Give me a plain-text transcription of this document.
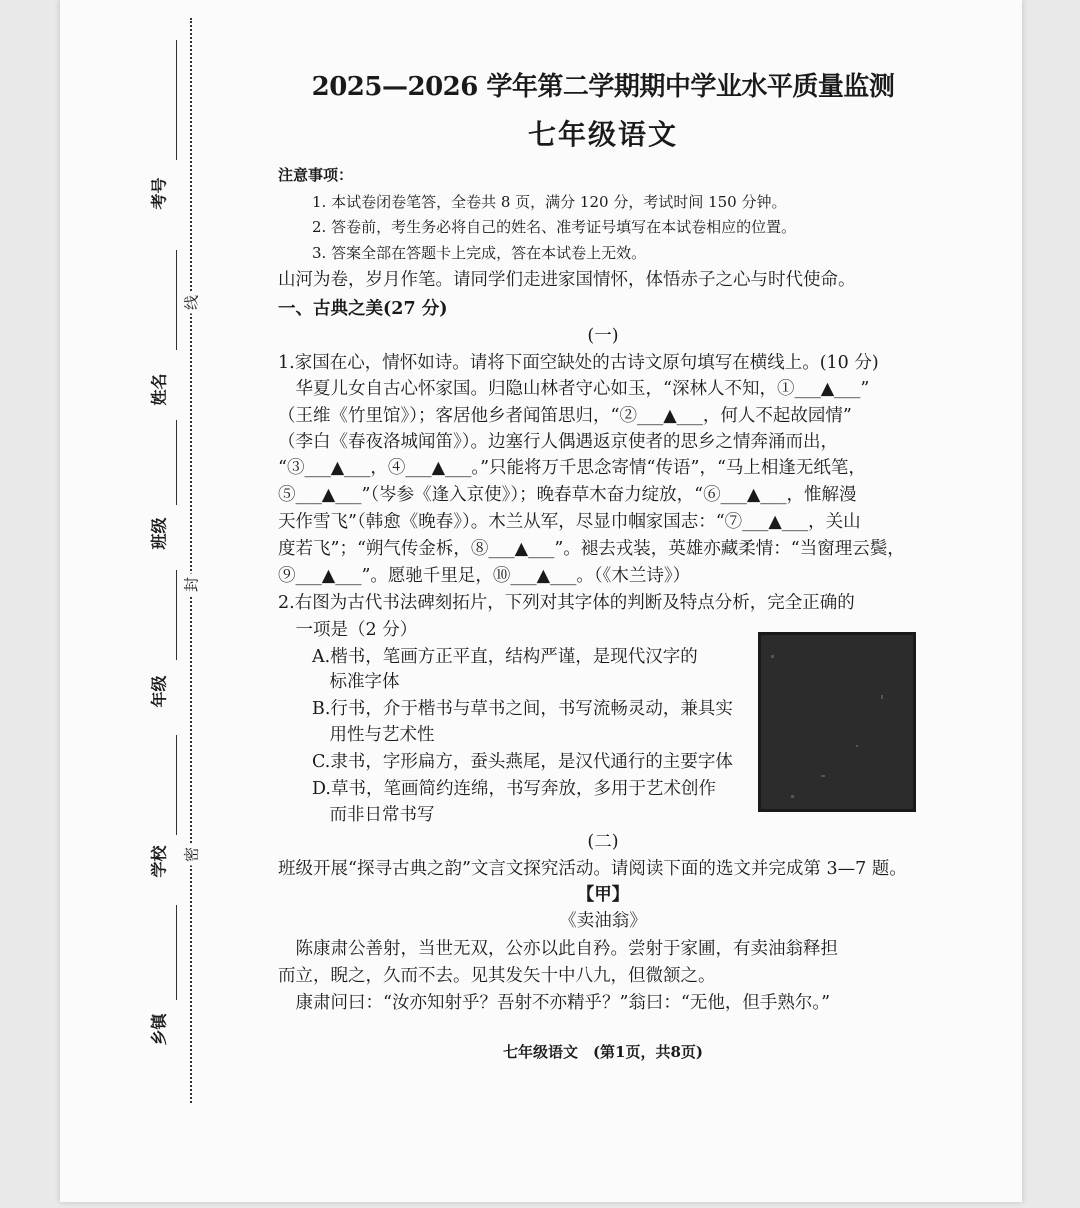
考号
姓名
班级
年级
学校
乡镇
线
封
密
2025—2026 学年第二学期期中学业水平质量监测
七年级语文
注意事项：
1. 本试卷闭卷笔答，全卷共 8 页，满分 120 分，考试时间 150 分钟。
2. 答卷前，考生务必将自己的姓名、准考证号填写在本试卷相应的位置。
3. 答案全部在答题卡上完成，答在本试卷上无效。
山河为卷，岁月作笔。请同学们走进家国情怀，体悟赤子之心与时代使命。
一、古典之美(27 分)
(一)
1.家国在心，情怀如诗。请将下面空缺处的古诗文原句填写在横线上。(10 分)
　华夏儿女自古心怀家国。归隐山林者守心如玉，“深林人不知，①___▲___”
（王维《竹里馆》）；客居他乡者闻笛思归，“②___▲___，何人不起故园情”
（李白《春夜洛城闻笛》）。边塞行人偶遇返京使者的思乡之情奔涌而出，
“③___▲___，④___▲___。”只能将万千思念寄情“传语”，“马上相逢无纸笔，
⑤___▲___”（岑参《逢入京使》）；晚春草木奋力绽放，“⑥___▲___，惟解漫
天作雪飞”（韩愈《晚春》）。木兰从军，尽显巾帼家国志：“⑦___▲___，关山
度若飞”；“朔气传金柝，⑧___▲___”。褪去戎装，英雄亦藏柔情：“当窗理云鬓，
⑨___▲___”。愿驰千里足，⑩___▲___。（《木兰诗》）
2.右图为古代书法碑刻拓片，下列对其字体的判断及特点分析，完全正确的
　一项是（2 分）
A.楷书，笔画方正平直，结构严谨，是现代汉字的
　标准字体
B.行书，介于楷书与草书之间，书写流畅灵动，兼具实
　用性与艺术性
C.隶书，字形扁方，蚕头燕尾，是汉代通行的主要字体
D.草书，笔画简约连绵，书写奔放，多用于艺术创作
　而非日常书写
(二)
班级开展“探寻古典之韵”文言文探究活动。请阅读下面的选文并完成第 3—7 题。
【甲】
《卖油翁》
　陈康肃公善射，当世无双，公亦以此自矜。尝射于家圃，有卖油翁释担
而立，睨之，久而不去。见其发矢十中八九，但微颔之。
　康肃问曰：“汝亦知射乎？吾射不亦精乎？”翁曰：“无他，但手熟尔。”
七年级语文　(第1页，共8页)
